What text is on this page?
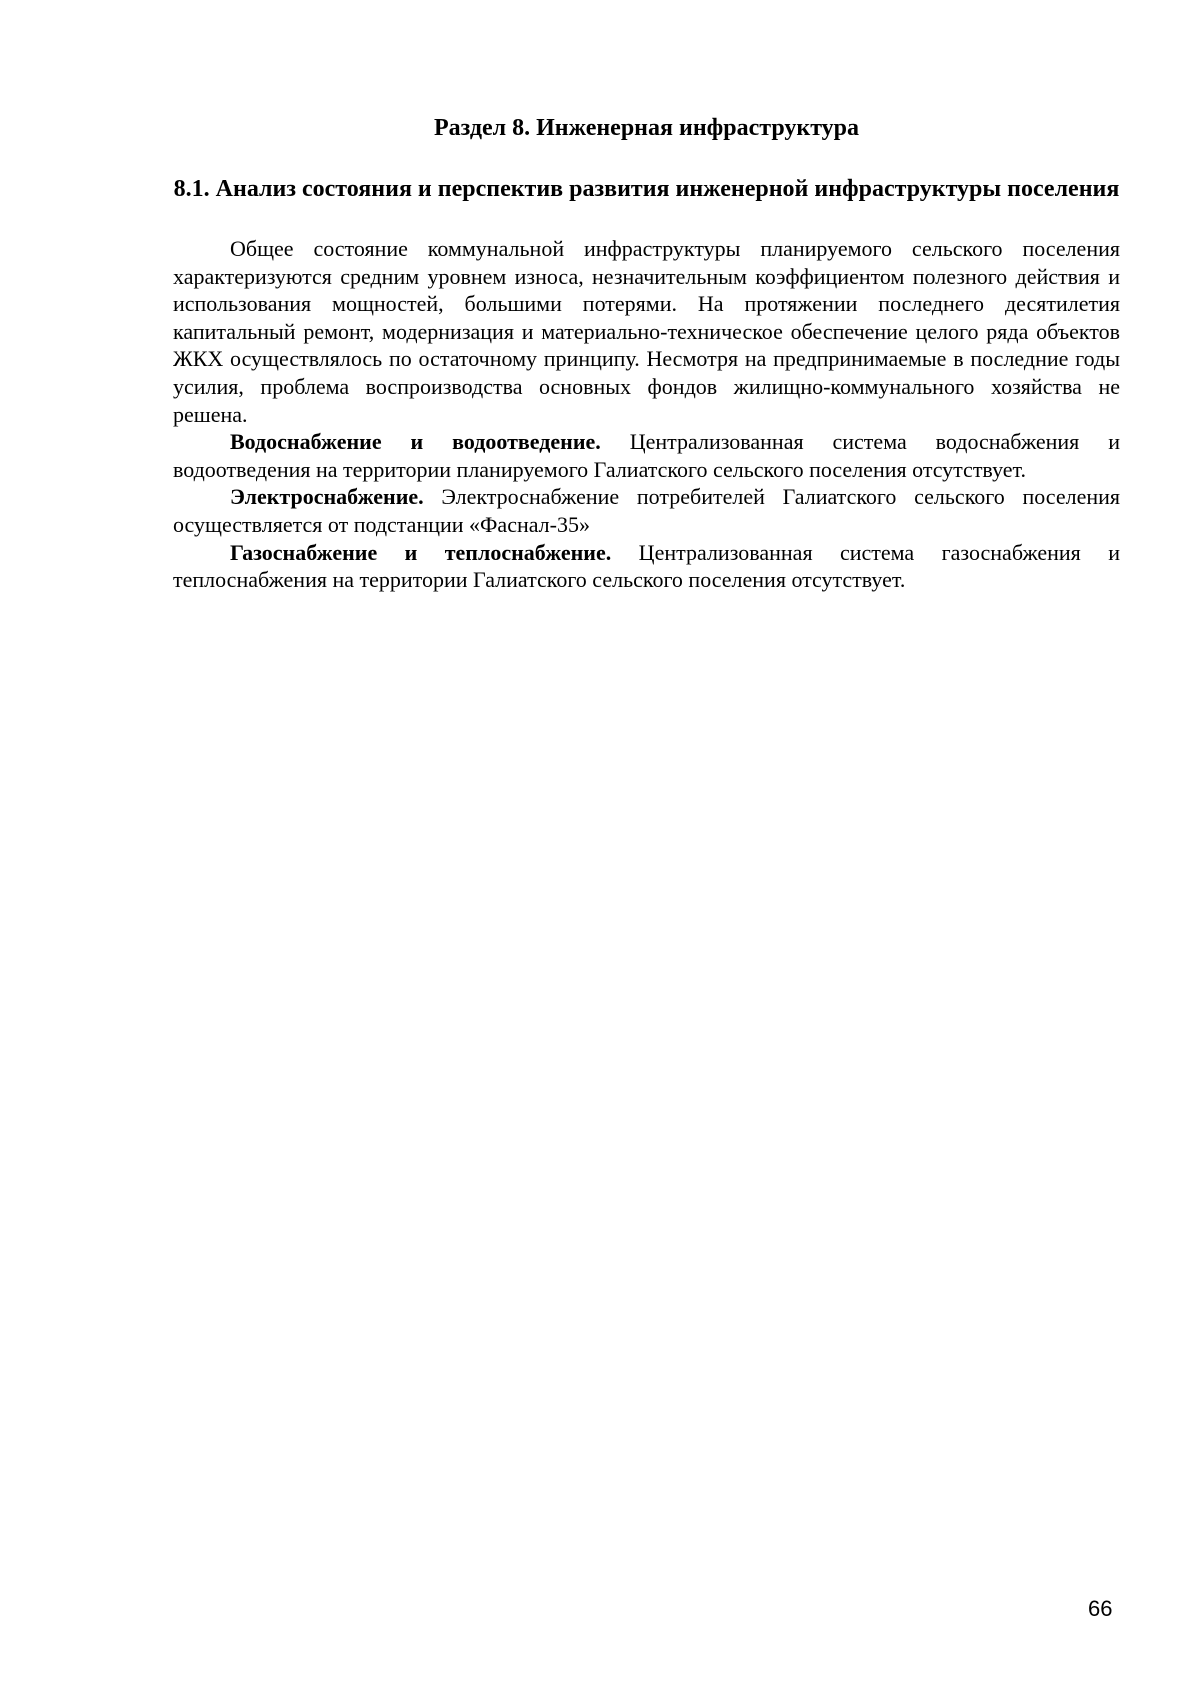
Раздел 8. Инженерная инфраструктура
8.1. Анализ состояния и перспектив развития инженерной инфраструктуры поселения

Общее состояние коммунальной инфраструктуры планируемого сельского поселения характеризуются средним уровнем износа, незначительным коэффициентом полезного действия и использования мощностей, большими потерями. На протяжении последнего десятилетия капитальный ремонт, модернизация и материально-техническое обеспечение целого ряда объектов ЖКХ осуществлялось по остаточному принципу. Несмотря на предпринимаемые в последние годы усилия, проблема воспроизводства основных фондов жилищно-коммунального хозяйства не решена.

Водоснабжение и водоотведение. Централизованная система водоснабжения и водоотведения на территории планируемого Галиатского сельского поселения отсутствует.

Электроснабжение. Электроснабжение потребителей Галиатского сельского поселения осуществляется от подстанции «Фаснал-35»

Газоснабжение и теплоснабжение. Централизованная система газоснабжения и теплоснабжения на территории Галиатского сельского поселения отсутствует.

66
